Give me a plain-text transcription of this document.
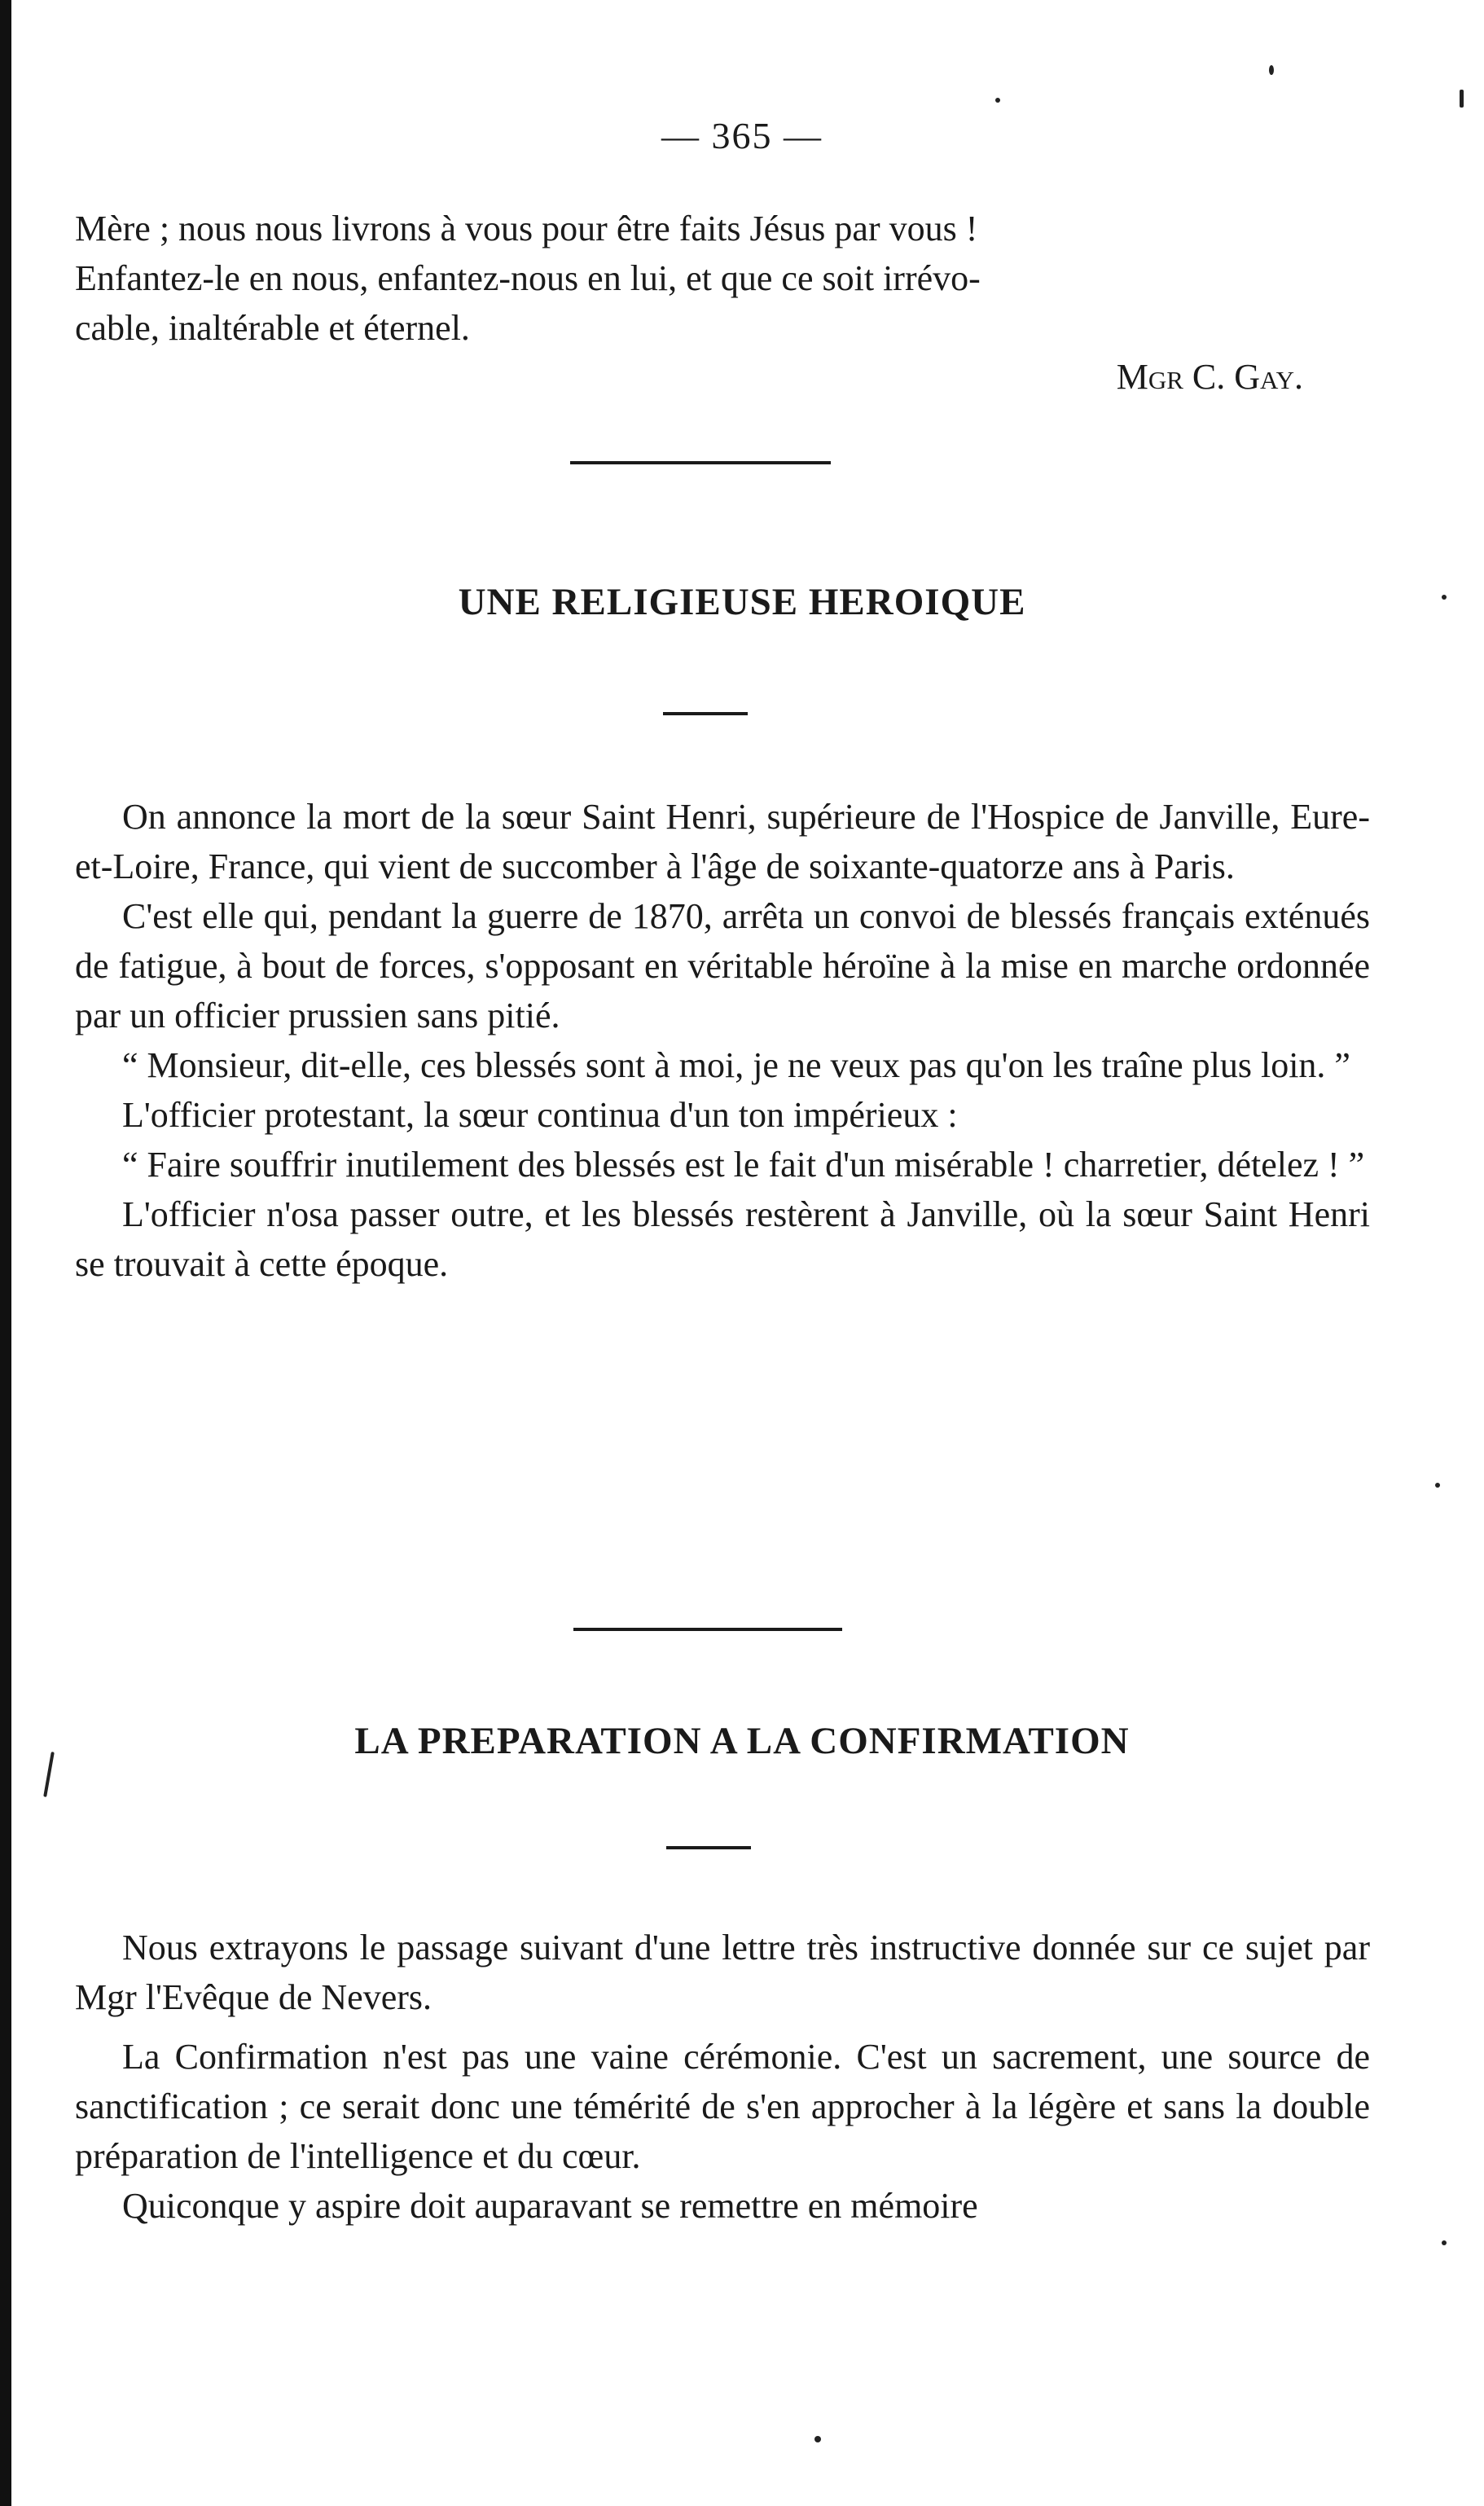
— 365 —

Mère ; nous nous livrons à vous pour être faits Jésus par vous !

Enfantez-le en nous, enfantez-nous en lui, et que ce soit irrévo-

cable, inaltérable et éternel.

Mgr C. Gay.
UNE RELIGIEUSE HEROIQUE

On annonce la mort de la sœur Saint Henri, supérieure de l'Hospice de Janville, Eure-et-Loire, France, qui vient de succomber à l'âge de soixante-quatorze ans à Paris.

C'est elle qui, pendant la guerre de 1870, arrêta un convoi de blessés français exténués de fatigue, à bout de forces, s'opposant en véritable héroïne à la mise en marche ordonnée par un officier prussien sans pitié.

“ Monsieur, dit-elle, ces blessés sont à moi, je ne veux pas qu'on les traîne plus loin. ”

L'officier protestant, la sœur continua d'un ton impérieux :

“ Faire souffrir inutilement des blessés est le fait d'un misérable ! charretier, dételez ! ”

L'officier n'osa passer outre, et les blessés restèrent à Janville, où la sœur Saint Henri se trouvait à cette époque.

LA PREPARATION A LA CONFIRMATION

Nous extrayons le passage suivant d'une lettre très instructive donnée sur ce sujet par Mgr l'Evêque de Nevers.

La Confirmation n'est pas une vaine cérémonie. C'est un sacrement, une source de sanctification ; ce serait donc une témérité de s'en approcher à la légère et sans la double préparation de l'intelligence et du cœur.

Quiconque y aspire doit auparavant se remettre en mémoire
